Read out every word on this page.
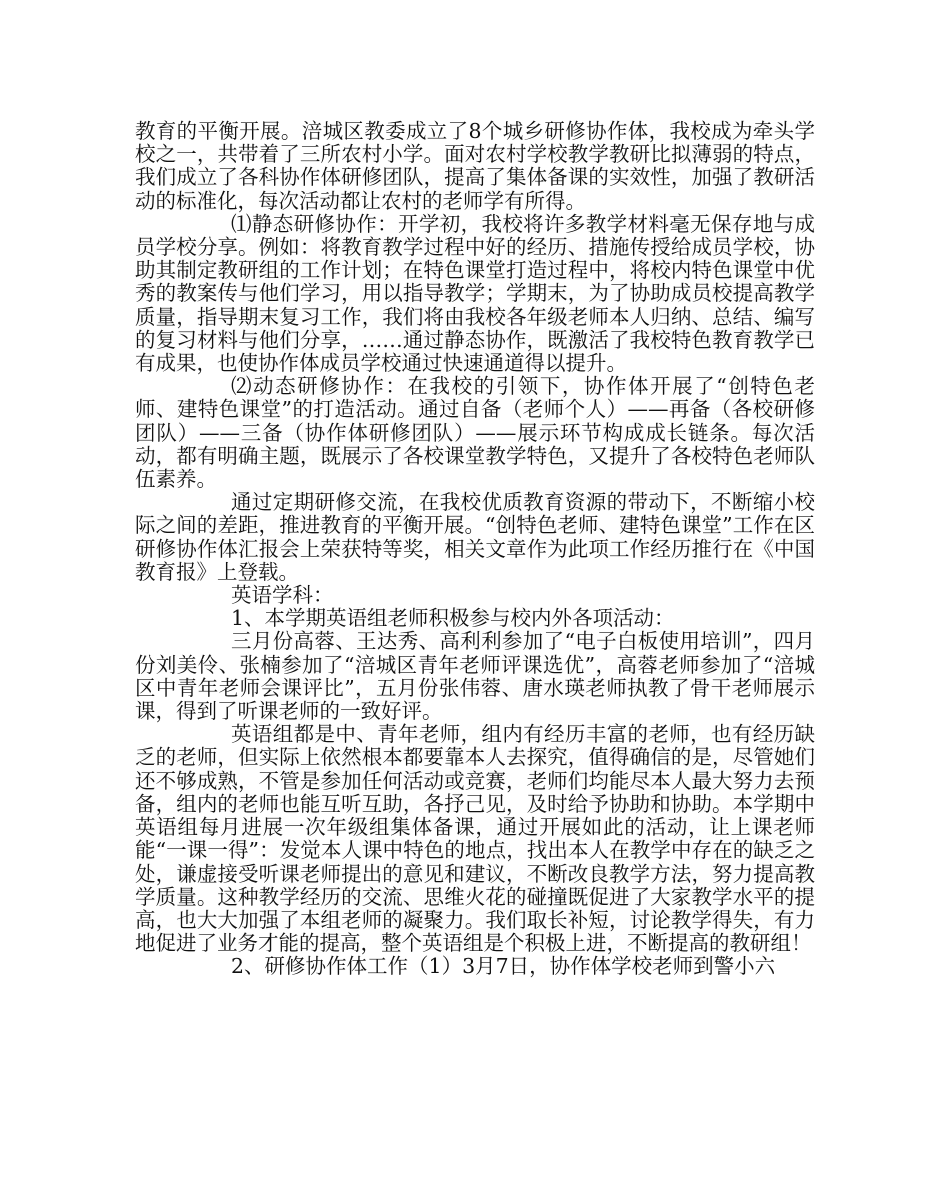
教育的平衡开展。涪城区教委成立了8个城乡研修协作体，我校成为牵头学校之一，共带着了三所农村小学。面对农村学校教学教研比拟薄弱的特点，我们成立了各科协作体研修团队，提高了集体备课的实效性，加强了教研活动的标准化，每次活动都让农村的老师学有所得。

⑴静态研修协作：开学初，我校将许多教学材料毫无保存地与成员学校分享。例如：将教育教学过程中好的经历、措施传授给成员学校，协助其制定教研组的工作计划；在特色课堂打造过程中，将校内特色课堂中优秀的教案传与他们学习，用以指导教学；学期末，为了协助成员校提高教学质量，指导期末复习工作，我们将由我校各年级老师本人归纳、总结、编写的复习材料与他们分享，……通过静态协作，既激活了我校特色教育教学已有成果，也使协作体成员学校通过快速通道得以提升。

⑵动态研修协作：在我校的引领下，协作体开展了“创特色老师、建特色课堂”的打造活动。通过自备（老师个人）——再备（各校研修团队）——三备（协作体研修团队）——展示环节构成成长链条。每次活动，都有明确主题，既展示了各校课堂教学特色，又提升了各校特色老师队伍素养。

通过定期研修交流，在我校优质教育资源的带动下，不断缩小校际之间的差距，推进教育的平衡开展。“创特色老师、建特色课堂”工作在区研修协作体汇报会上荣获特等奖，相关文章作为此项工作经历推行在《中国教育报》上登载。

英语学科：

1、本学期英语组老师积极参与校内外各项活动：

三月份高蓉、王达秀、高利利参加了“电子白板使用培训”，四月份刘美伶、张楠参加了“涪城区青年老师评课选优”，高蓉老师参加了“涪城区中青年老师会课评比”，五月份张伟蓉、唐水瑛老师执教了骨干老师展示课，得到了听课老师的一致好评。

英语组都是中、青年老师，组内有经历丰富的老师，也有经历缺乏的老师，但实际上依然根本都要靠本人去探究，值得确信的是，尽管她们还不够成熟，不管是参加任何活动或竞赛，老师们均能尽本人最大努力去预备，组内的老师也能互听互助，各抒己见，及时给予协助和协助。本学期中英语组每月进展一次年级组集体备课，通过开展如此的活动，让上课老师能“一课一得”：发觉本人课中特色的地点，找出本人在教学中存在的缺乏之处，谦虚接受听课老师提出的意见和建议，不断改良教学方法，努力提高教学质量。这种教学经历的交流、思维火花的碰撞既促进了大家教学水平的提高，也大大加强了本组老师的凝聚力。我们取长补短，讨论教学得失，有力地促进了业务才能的提高，整个英语组是个积极上进，不断提高的教研组！

2、研修协作体工作（1）3月7日，协作体学校老师到警小六
